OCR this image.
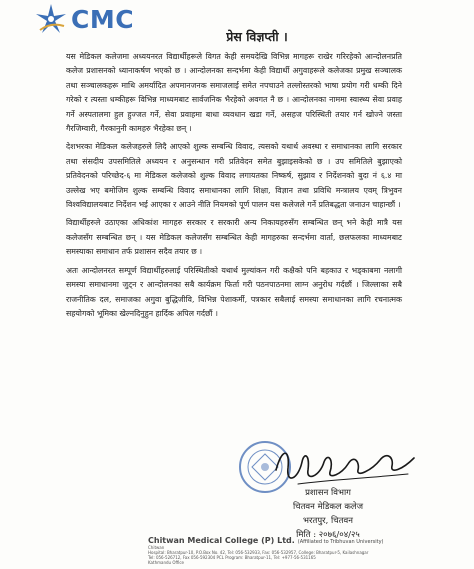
CMC
प्रेस विज्ञप्ती ।

यस मेडिकल कलेजमा अध्ययनरत विद्यार्थीहरूले विगत केही समयदेखि विभिन्न मागहरू राखेर गरिरहेको आन्दोलनप्रति कलेज प्रशासनको ध्यानाकर्षण भएको छ । आन्दोलनका सन्दर्भमा केही विद्यार्थी अगुवाहरूले कलेजका प्रमुख सञ्चालक तथा सञ्चालकहरू माथि अमर्यादित अपमानजनक समाजलाई समेत नपचाउने तल्लोस्तरको भाषा प्रयोग गरी धम्की दिने गरेको र त्यस्ता धम्कीहरू विभिन्न माध्यमबाट सार्वजनिक भैरहेको अवगत नै छ । आन्दोलनका नाममा स्वास्थ्य सेवा प्रवाह गर्ने अस्पतालमा हुल हुज्जत गर्ने, सेवा प्रवाहमा बाधा व्यवधान खडा गर्ने, असहज परिस्थिती तयार गर्न खोज्ने जस्ता गैरजिम्वारी, गैरकानुनी कामहरु भैरहेका छन् ।

देशभरका मेडिकल कलेजहरुले लिदै आएको शुल्क सम्बन्धि विवाद, त्यसको यथार्थ अवस्था र समाधानका लागि सरकार तथा संसदीय उपसमितिले अध्ययन र अनुसन्धान गरी प्रतिवेदन समेत बुझाइसकेको छ । उप समितिले बुझाएको प्रतिवेदनको परिच्छेद-६ मा मेडिकल कलेजको शुल्क विवाद लगायतका निष्कर्ष, सुझाव र निर्देशनको बुदा नं ६.४ मा उल्लेख भए बमोजिम शुल्क सम्बन्धि विवाद समाधानका लागि शिक्षा, विज्ञान तथा प्रविधि मन्त्रालय एवम् त्रिभुवन विश्वविद्यालयबाट निर्देशन भई आएका र आउने नीति नियमको पूर्ण पालन यस कलेजले गर्ने प्रतिबद्धता जनाउन चाहान्छौं ।

विद्यार्थीहरुले उठाएका अधिकांश मागहरु सरकार र सरकारी अन्य निकायहरुसँग सम्बन्धित छन् भने केही मात्रै यस कलेजसँग सम्बन्धित छन् । यस मेडिकल कलेजसँग सम्बन्धित केही मागहरुका सन्दर्भमा वार्ता, छलफलका माध्यमबाट समस्याका समाधान तर्फ प्रशासन सदैव तयार छ ।

अतः आन्दोलनरत सम्पूर्ण विद्यार्थीहरुलाई परिस्थितीको यथार्थ मुल्यांकन गरी कक्षैको पनि बहकाउ र भड्काबमा नलागी समस्या समाधानमा जुट्न र आन्दोलनका सबै कार्यक्रम फिर्ता गरी पठनपाठनमा लाग्न अनुरोध गर्दछौं । जिल्लाका सबै राजनीतिक दल, समाजका अगुवा बुद्धिजीवि, विभिन्न पेशाकर्मी, पत्रकार सबैलाई समस्या समाधानका लागि रचनात्मक सहयोगको भूमिका खेल्नदिनुहुन हार्दिक अपिल गर्दछौं ।

प्रशासन विभाग
चितवन मेडिकल कलेज
भरतपुर, चितवन
मिति : २०७६/०४/२५
Chitwan Medical College (P) Ltd. (Affiliated to Tribhuvan University)
Chitwan
Hospital: Bharatpur-10, P.O.Box No. 42, Tel: 056-532933, Fax: 056-532957, College: Bharatpur-5, Kailashnagar
Tel: 056-526712, Fax 056-592304 PCL Program: Bharatpur-11, Tel: +977-56-531165
Kathmandu Office
